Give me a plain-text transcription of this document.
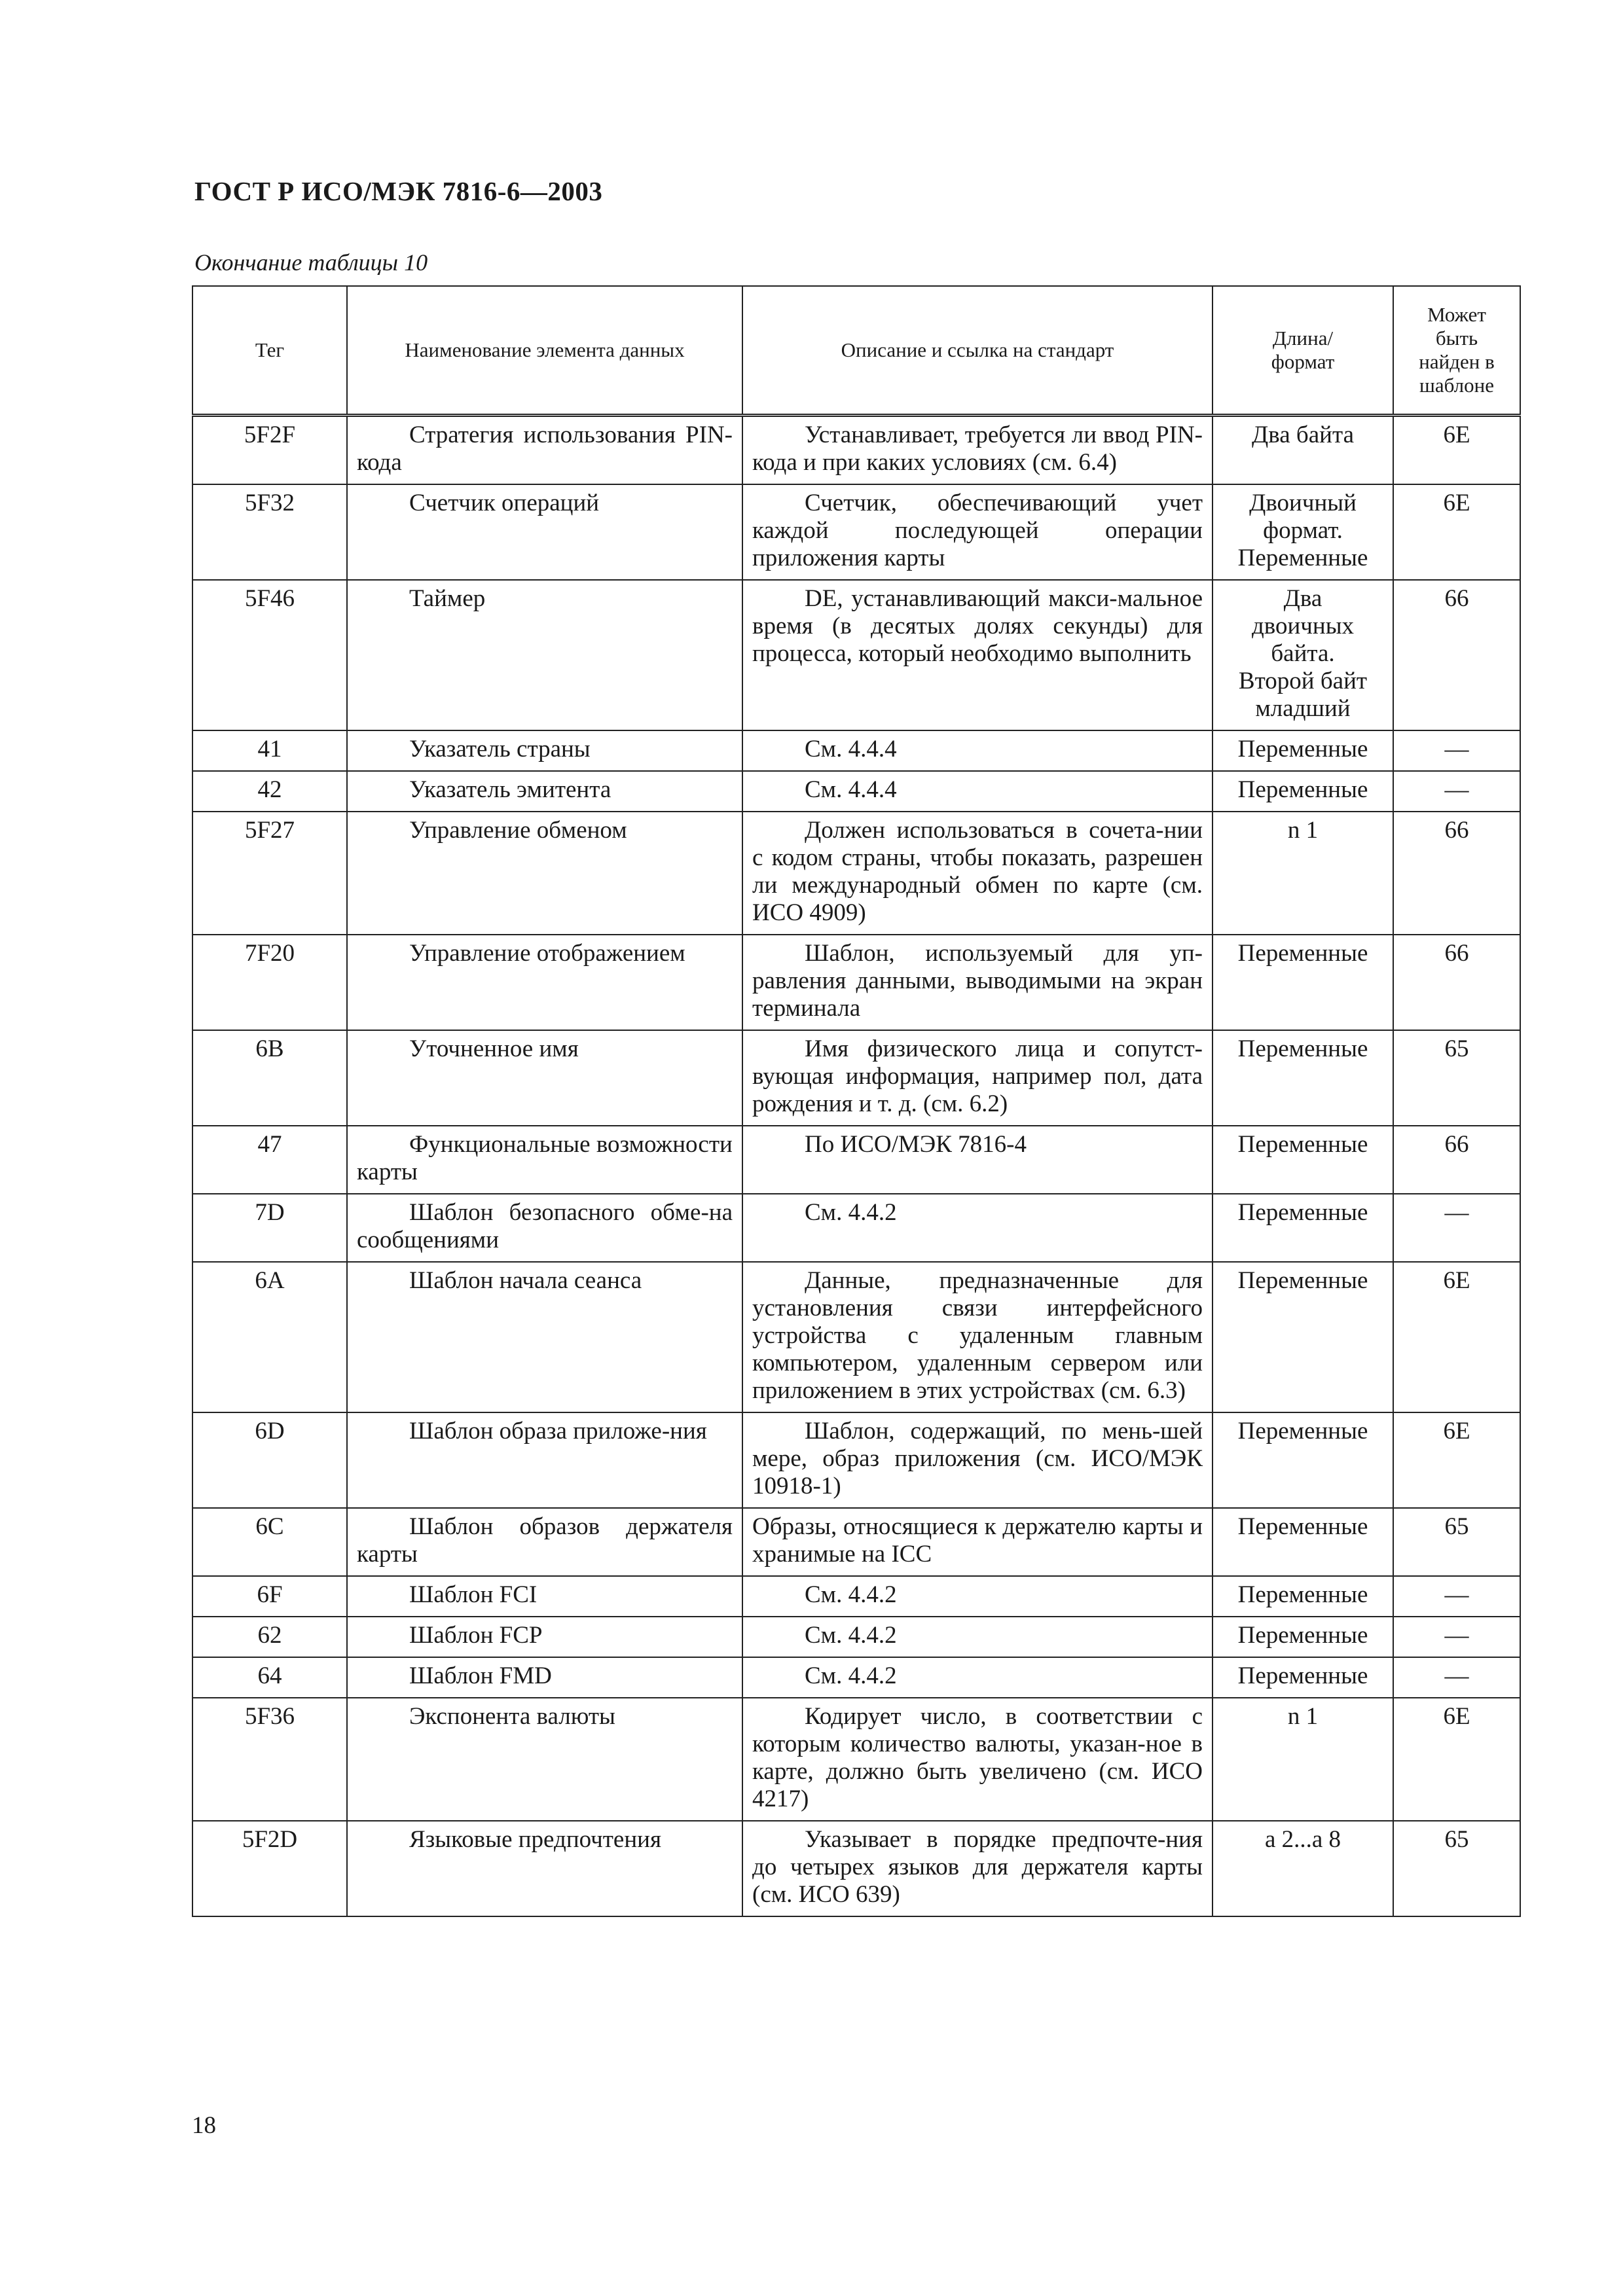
ГОСТ Р ИСО/МЭК 7816-6—2003
Окончание таблицы 10
Тег	Наименование элемента данных	Описание и ссылка на стандарт	Длина/ формат	Может быть найден в шаблоне
5F2F	Стратегия использования PIN-кода	Устанавливает, требуется ли ввод PIN-кода и при каких условиях (см. 6.4)	Два байта	6E
5F32	Счетчик операций	Счетчик, обеспечивающий учет каждой последующей операции приложения карты	Двоичный формат. Переменные	6E
5F46	Таймер	DE, устанавливающий макси-мальное время (в десятых долях секунды) для процесса, который необходимо выполнить	Два двоичных байта. Второй байт младший	66
41	Указатель страны	См. 4.4.4	Переменные	—
42	Указатель эмитента	См. 4.4.4	Переменные	—
5F27	Управление обменом	Должен использоваться в сочета-нии с кодом страны, чтобы показать, разрешен ли международный обмен по карте (см. ИСО 4909)	n 1	66
7F20	Управление отображением	Шаблон, используемый для уп-равления данными, выводимыми на экран терминала	Переменные	66
6B	Уточненное имя	Имя физического лица и сопутст-вующая информация, например пол, дата рождения и т. д. (см. 6.2)	Переменные	65
47	Функциональные возможности карты	По ИСО/МЭК 7816-4	Переменные	66
7D	Шаблон безопасного обме-на сообщениями	См. 4.4.2	Переменные	—
6A	Шаблон начала сеанса	Данные, предназначенные для установления связи интерфейсного устройства с удаленным главным компьютером, удаленным сервером или приложением в этих устройствах (см. 6.3)	Переменные	6E
6D	Шаблон образа приложе-ния	Шаблон, содержащий, по мень-шей мере, образ приложения (см. ИСО/МЭК 10918-1)	Переменные	6E
6C	Шаблон образов держателя карты	Образы, относящиеся к держателю карты и хранимые на ICC	Переменные	65
6F	Шаблон FCI	См. 4.4.2	Переменные	—
62	Шаблон FCP	См. 4.4.2	Переменные	—
64	Шаблон FMD	См. 4.4.2	Переменные	—
5F36	Экспонента валюты	Кодирует число, в соответствии с которым количество валюты, указан-ное в карте, должно быть увеличено (см. ИСО 4217)	n 1	6E
5F2D	Языковые предпочтения	Указывает в порядке предпочте-ния до четырех языков для держателя карты (см. ИСО 639)	a 2...a 8	65
18
